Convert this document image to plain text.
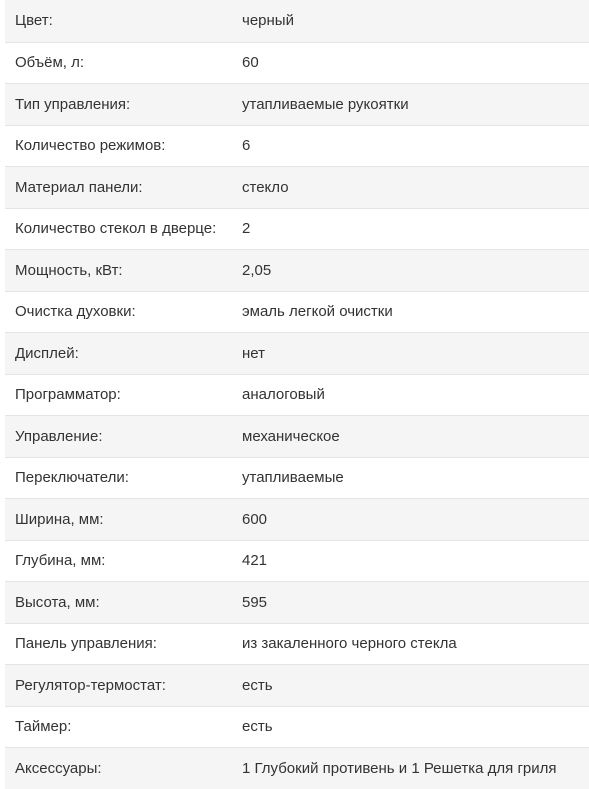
Цвет:	черный
Объём, л:	60
Тип управления:	утапливаемые рукоятки
Количество режимов:	6
Материал панели:	стекло
Количество стекол в дверце:	2
Мощность, кВт:	2,05
Очистка духовки:	эмаль легкой очистки
Дисплей:	нет
Программатор:	аналоговый
Управление:	механическое
Переключатели:	утапливаемые
Ширина, мм:	600
Глубина, мм:	421
Высота, мм:	595
Панель управления:	из закаленного черного стекла
Регулятор-термостат:	есть
Таймер:	есть
Аксессуары:	1 Глубокий противень и 1 Решетка для гриля
